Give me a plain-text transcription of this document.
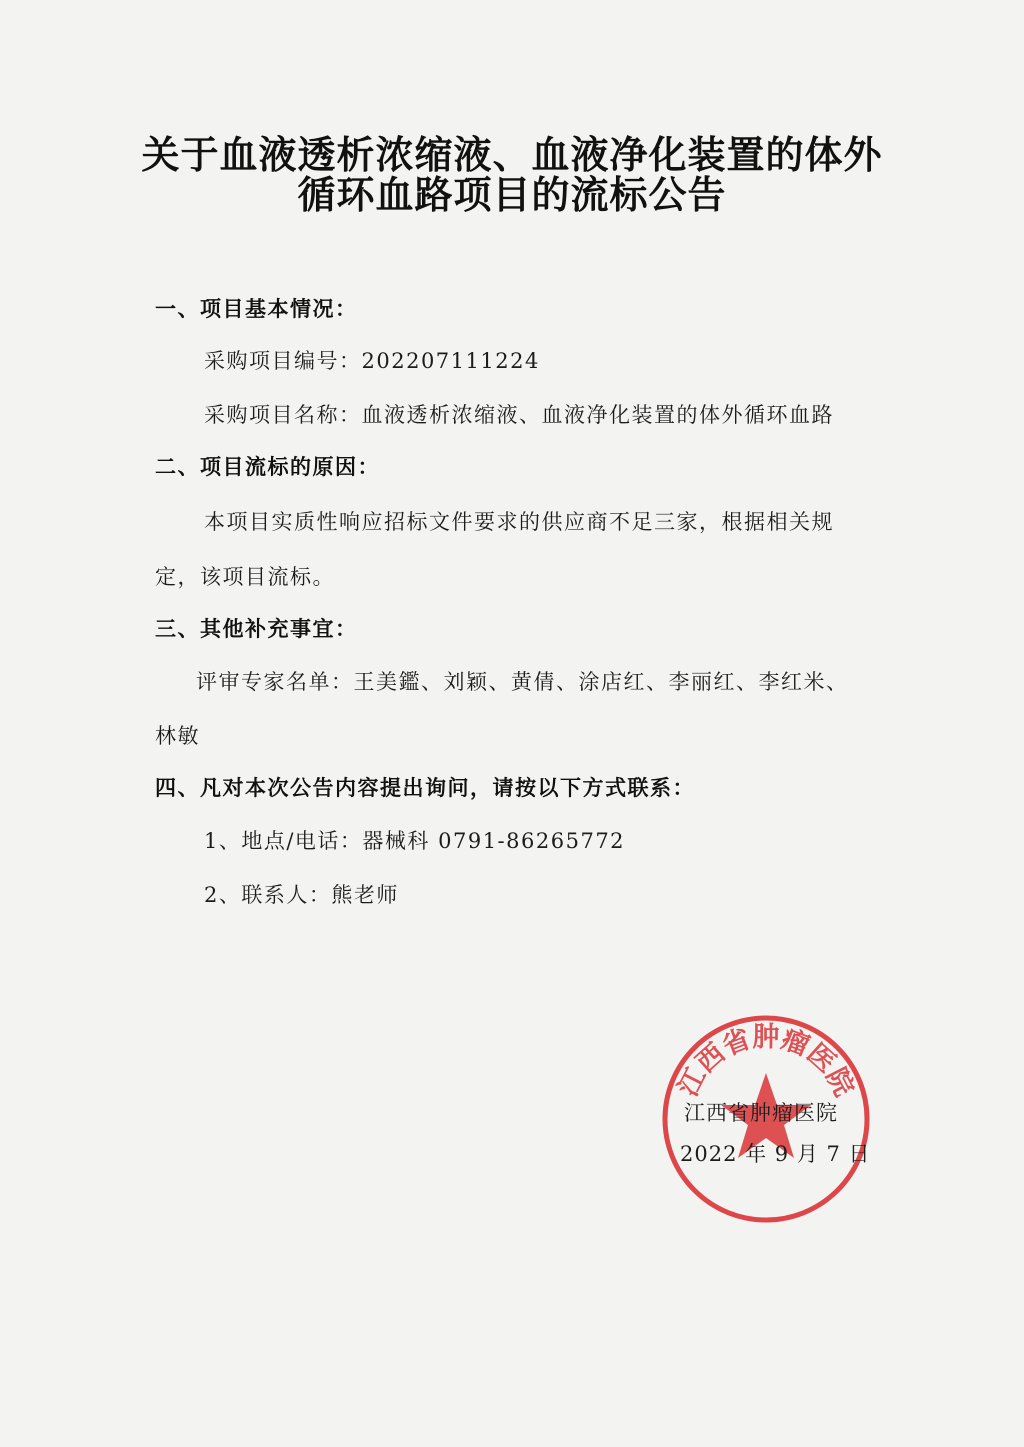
关于血液透析浓缩液、血液净化装置的体外
循环血路项目的流标公告
一、项目基本情况：
采购项目编号：202207111224
采购项目名称：血液透析浓缩液、血液净化装置的体外循环血路
二、项目流标的原因：
本项目实质性响应招标文件要求的供应商不足三家，根据相关规
定，该项目流标。
三、其他补充事宜：
评审专家名单：王美鑑、刘颖、黄倩、涂店红、李丽红、李红米、
林敏
四、凡对本次公告内容提出询问，请按以下方式联系：
1、地点/电话：器械科 0791-86265772
2、联系人：熊老师
江西省肿瘤医院
江西省肿瘤医院
2022 年 9 月 7 日
